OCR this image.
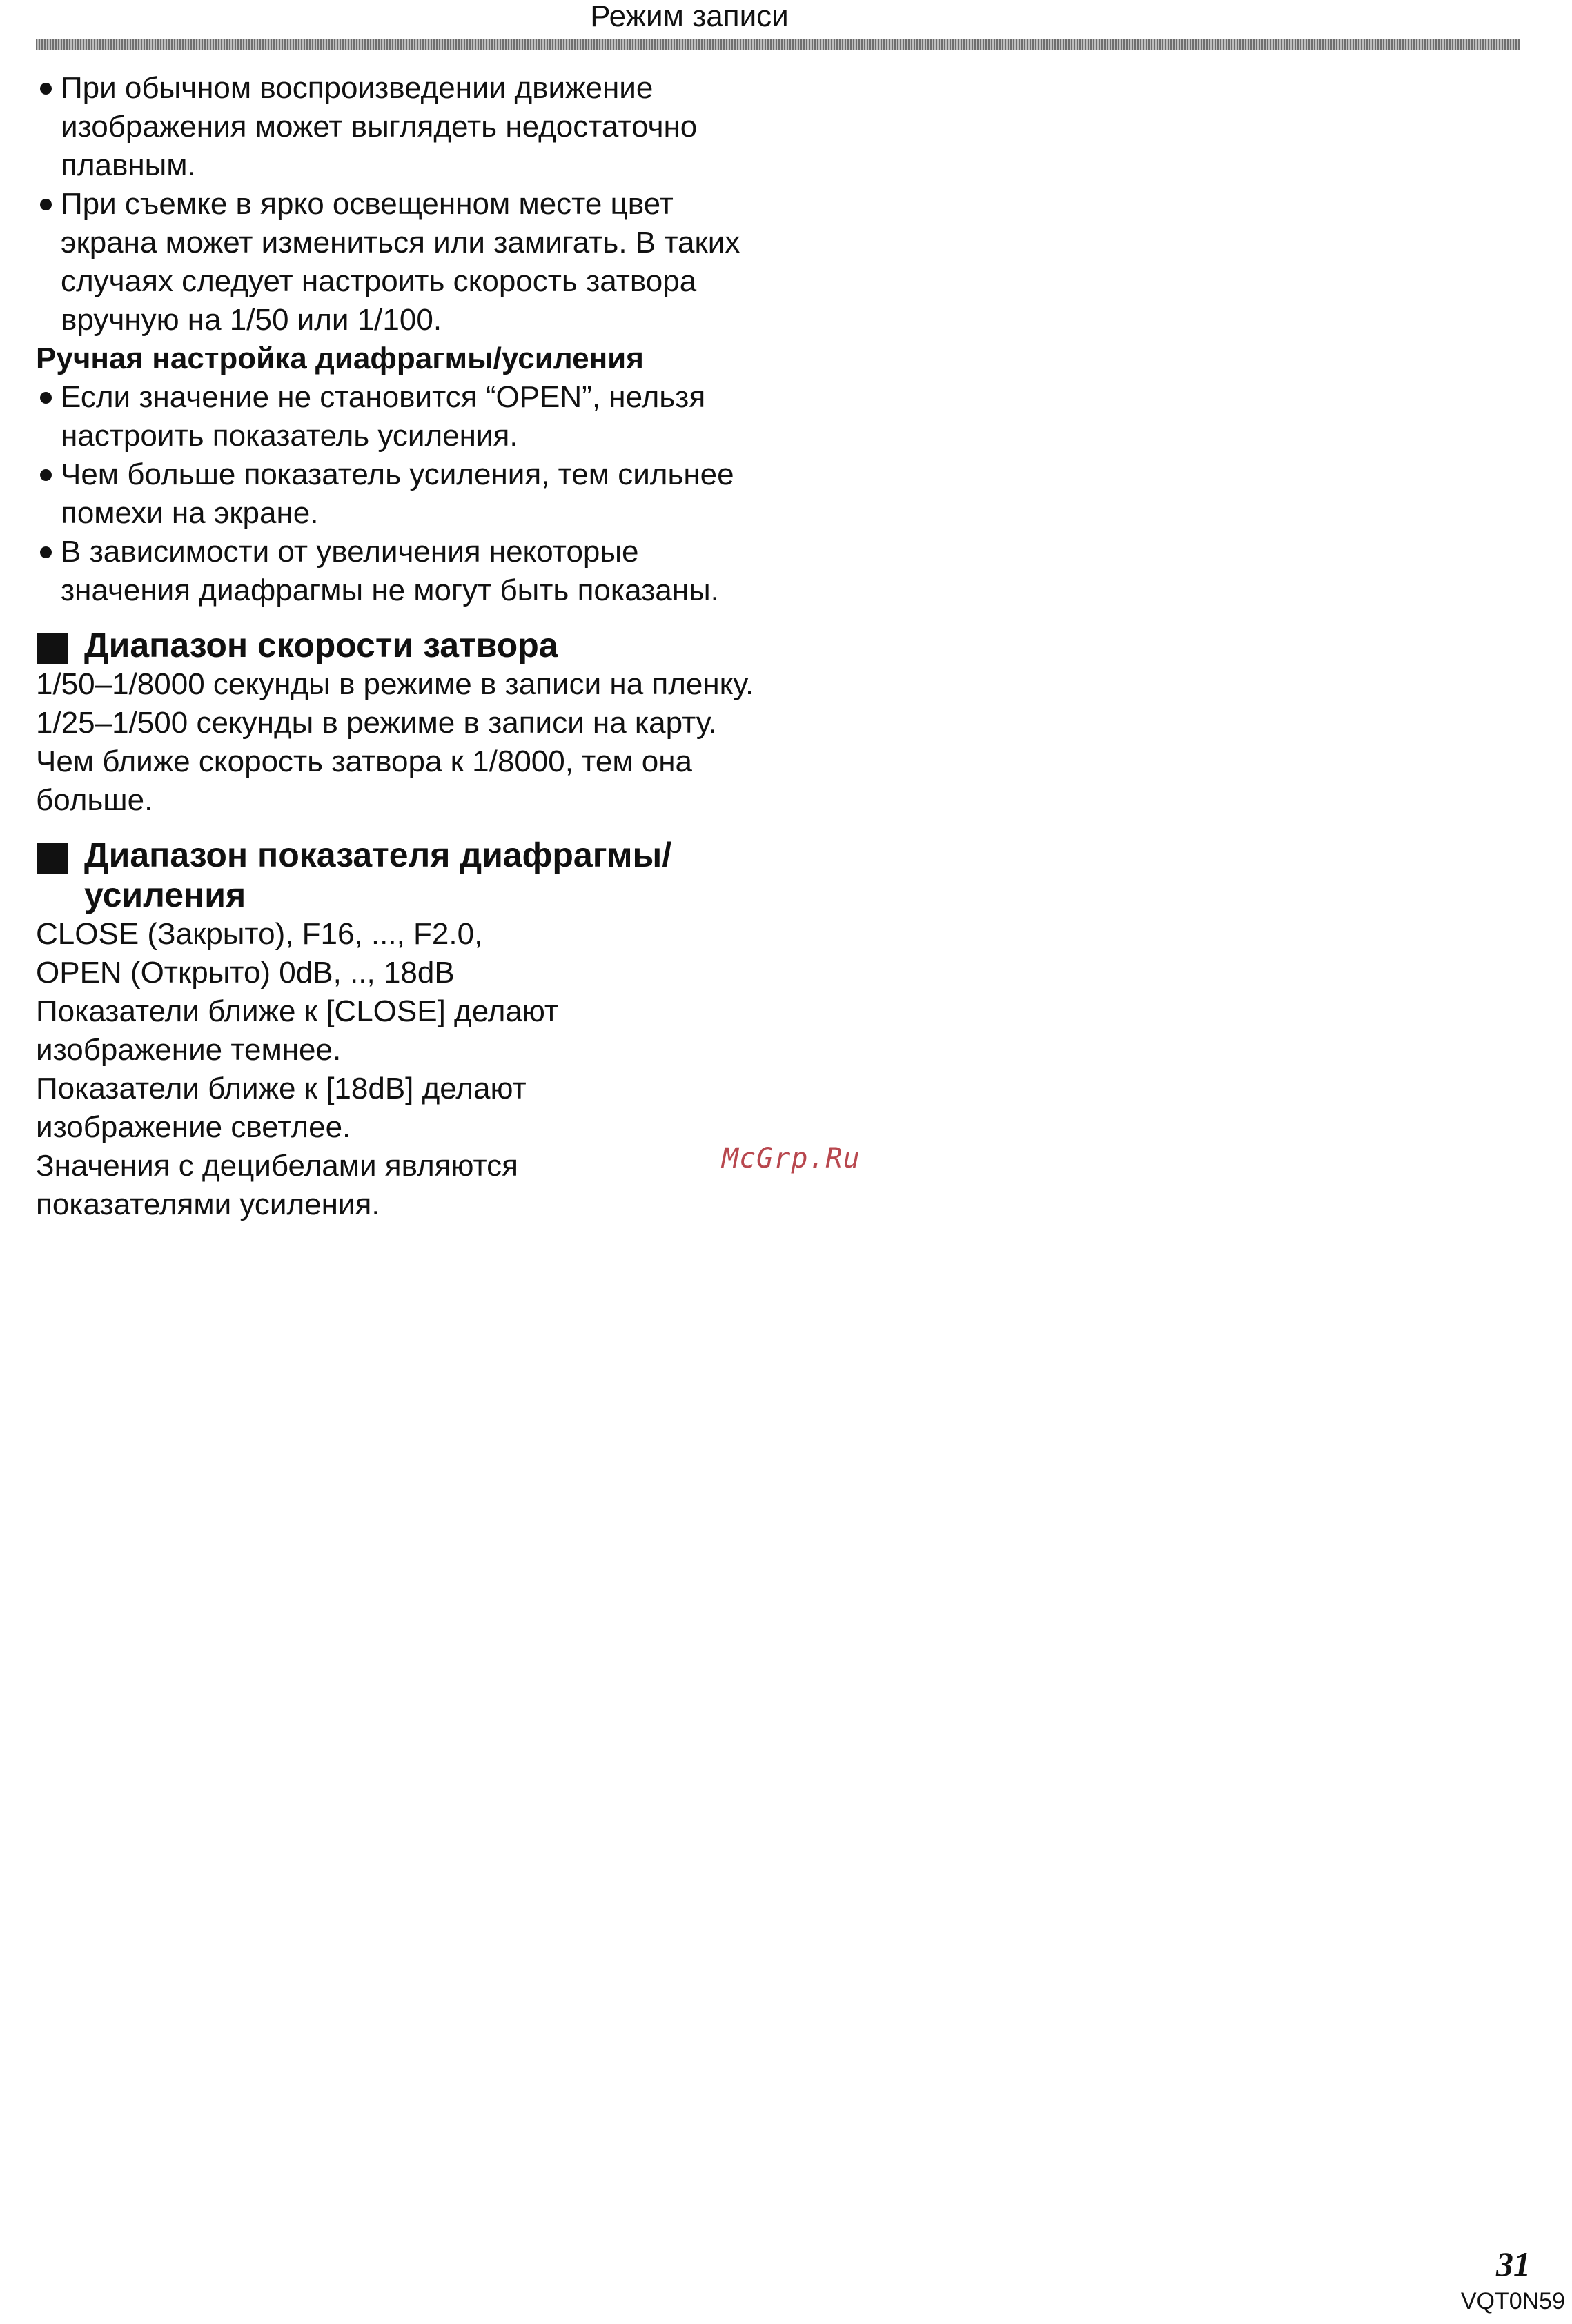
Режим записи

При обычном воспроизведении движение изображения может выглядеть недостаточно плавным.

При съемке в ярко освещенном месте цвет экрана может измениться или замигать. В таких случаях следует настроить скорость затвора вручную на 1/50 или 1/100.

Ручная настройка диафрагмы/усиления

Если значение не становится “OPEN”, нельзя настроить показатель усиления.

Чем больше показатель усиления, тем сильнее помехи на экране.

В зависимости от увеличения некоторые значения диафрагмы не могут быть показаны.

Диапазон скорости затвора

1/50–1/8000 секунды в режиме в записи на пленку.

1/25–1/500 секунды в режиме в записи на карту.

Чем ближе скорость затвора к 1/8000, тем она больше.

Диапазон показателя диафрагмы/
усиления

CLOSE (Закрыто), F16, ..., F2.0,

OPEN (Открыто) 0dB, .., 18dB

Показатели ближе к [CLOSE] делают изображение темнее.

Показатели ближе к [18dB] делают изображение светлее.

Значения с децибелами являются показателями усиления.

McGrp.Ru
31
VQT0N59
